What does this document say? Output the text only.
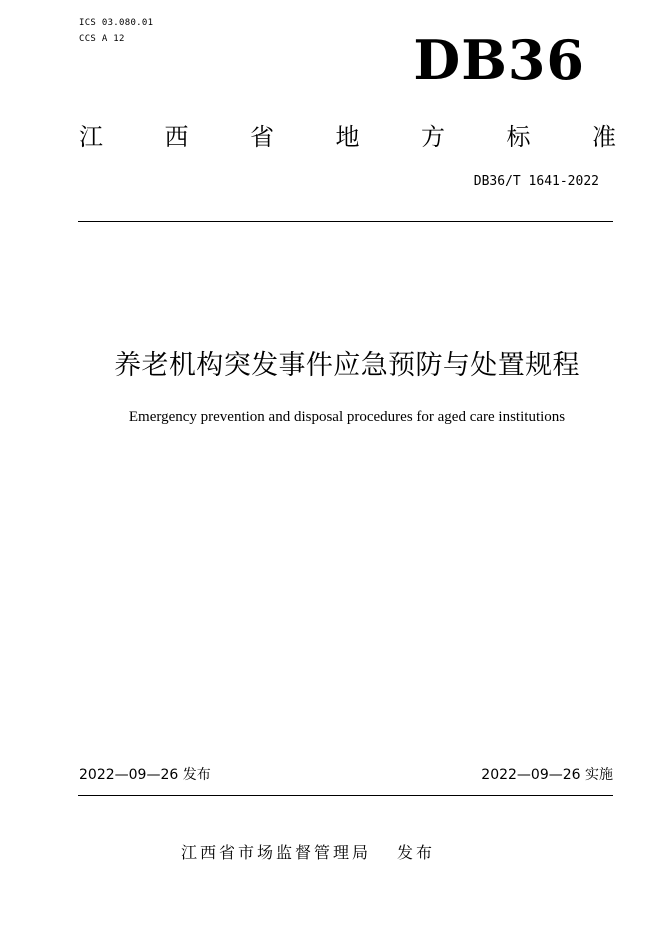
ICS 03.080.01
CCS A 12	DB36
江	西	省	地	方	标	准
DB36/T 1641-2022
养老机构突发事件应急预防与处置规程
Emergency prevention and disposal procedures for aged care institutions
2022—09—26 发布	2022—09—26 实施
江西省市场监督管理局 发布
